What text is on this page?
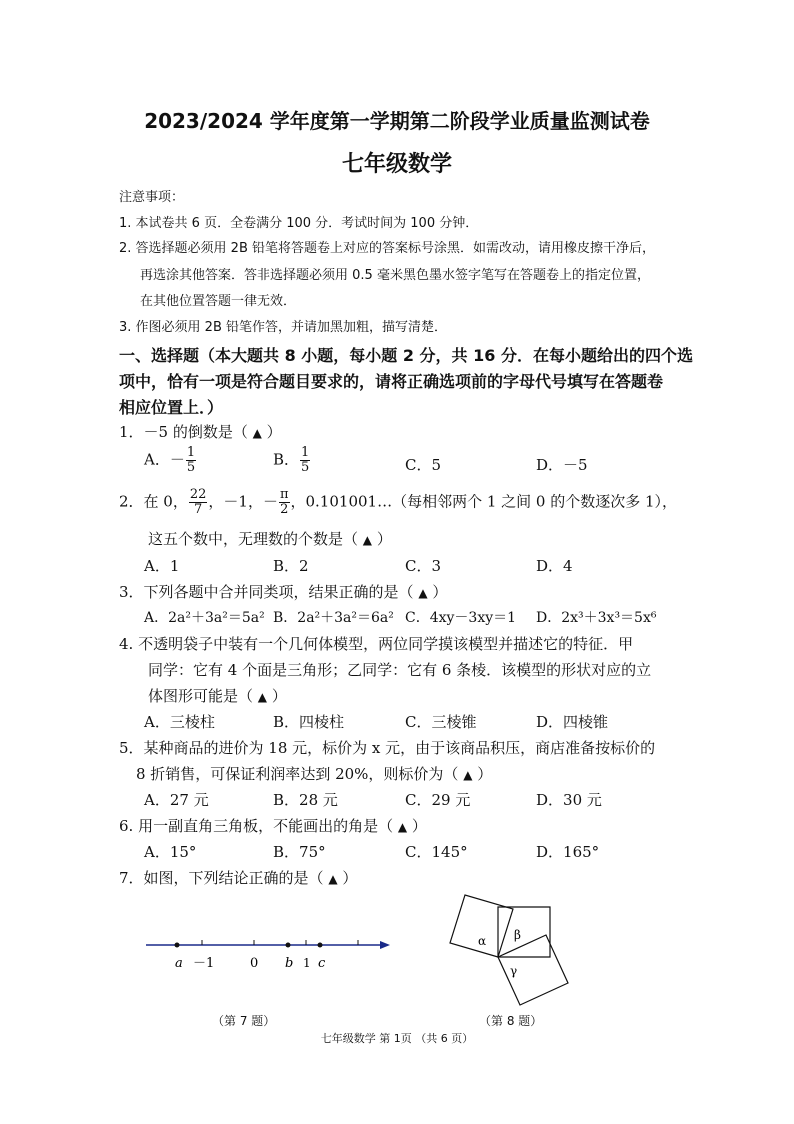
2023/2024 学年度第一学期第二阶段学业质量监测试卷
七年级数学
注意事项：
1. 本试卷共 6 页．全卷满分 100 分．考试时间为 100 分钟．
2. 答选择题必须用 2B 铅笔将答题卷上对应的答案标号涂黑．如需改动，请用橡皮擦干净后，
再选涂其他答案．答非选择题必须用 0.5 毫米黑色墨水签字笔写在答题卷上的指定位置，
在其他位置答题一律无效．
3. 作图必须用 2B 铅笔作答，并请加黑加粗，描写清楚．
一、选择题（本大题共 8 小题，每小题 2 分，共 16 分．在每小题给出的四个选
项中，恰有一项是符合题目要求的，请将正确选项前的字母代号填写在答题卷
相应位置上．）
1．－5 的倒数是（ ▲ ）
A．－ $\frac{1}{5}$	B． $\frac{1}{5}$	C．5	D．－5
2．在 0， $\frac{22}{7}$ ，－1，－ $\frac{\pi}{2}$ ，0.101001…（每相邻两个 1 之间 0 的个数逐次多 1），
这五个数中，无理数的个数是（ ▲ ）
A．1	B．2	C．3	D．4
3．下列各题中合并同类项，结果正确的是（ ▲ ）
A．2a²＋3a²＝5a² B．2a²＋3a²＝6a² C．4xy－3xy＝1 D．2x³＋3x³＝5x⁶
4. 不透明袋子中装有一个几何体模型，两位同学摸该模型并描述它的特征．甲
同学：它有 4 个面是三角形；乙同学：它有 6 条棱．该模型的形状对应的立
体图形可能是（ ▲ ）
A．三棱柱	B．四棱柱	C．三棱锥	D．四棱锥
5．某种商品的进价为 18 元，标价为 x 元，由于该商品积压，商店准备按标价的
8 折销售，可保证利润率达到 20%，则标价为（ ▲ ）
A．27 元	B．28 元	C．29 元	D．30 元
6. 用一副直角三角板，不能画出的角是（ ▲ ）
A．15°	B．75°	C．145°	D．165°
7．如图，下列结论正确的是（ ▲ ）
a －1	0 b 1 c
（第 7 题）
α β
γ
（第 8 题）
七年级数学 第 1页 （共 6 页）
